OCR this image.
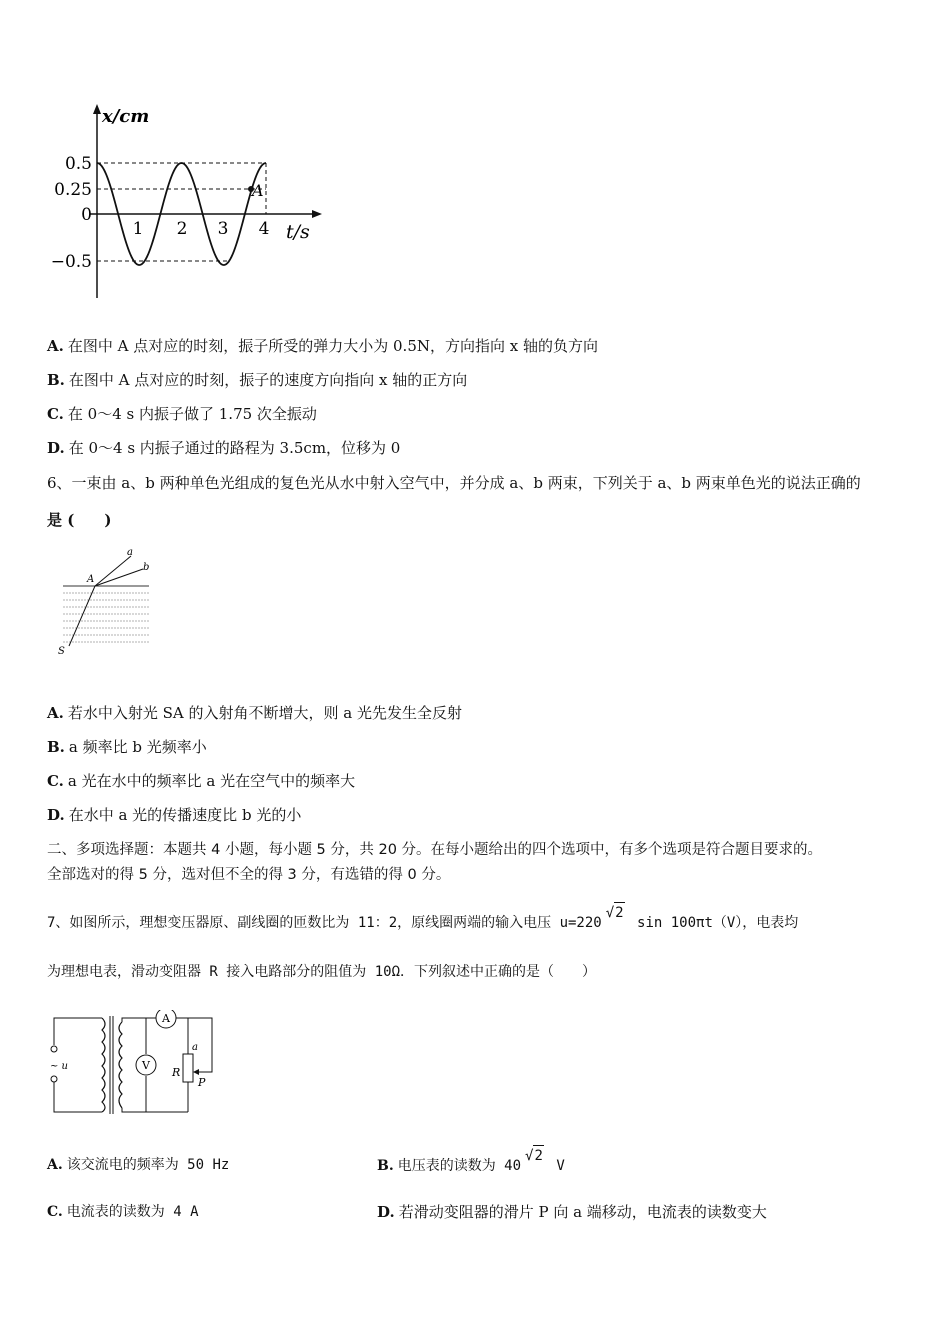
x/cm
0.5
0.25
0
−0.5
1 2 3 4 t/s
A
A. 在图中 A 点对应的时刻，振子所受的弹力大小为 0.5N，方向指向 x 轴的负方向
B. 在图中 A 点对应的时刻，振子的速度方向指向 x 轴的正方向
C. 在 0～4 s 内振子做了 1.75 次全振动
D. 在 0～4 s 内振子通过的路程为 3.5cm，位移为 0
6、一束由 a、b 两种单色光组成的复色光从水中射入空气中，并分成 a、b 两束，下列关于 a、b 两束单色光的说法正确的
是 (　　)
a
b
A
S
A. 若水中入射光 SA 的入射角不断增大，则 a 光先发生全反射
B. a 频率比 b 光频率小
C. a 光在水中的频率比 a 光在空气中的频率大
D. 在水中 a 光的传播速度比 b 光的小
二、多项选择题：本题共 4 小题，每小题 5 分，共 20 分。在每小题给出的四个选项中，有多个选项是符合题目要求的。
全部选对的得 5 分，选对但不全的得 3 分，有选错的得 0 分。
7、如图所示，理想变压器原、副线圈的匝数比为 11：2，原线圈两端的输入电压 u=220√2 sin 100πt（V），电表均
为理想电表，滑动变阻器 R 接入电路部分的阻值为 10Ω．下列叙述中正确的是（　　）
~ u
A
V
R
a
P
A. 该交流电的频率为 50 Hz	B. 电压表的读数为 40√2 V
C. 电流表的读数为 4 A	D. 若滑动变阻器的滑片 P 向 a 端移动，电流表的读数变大
